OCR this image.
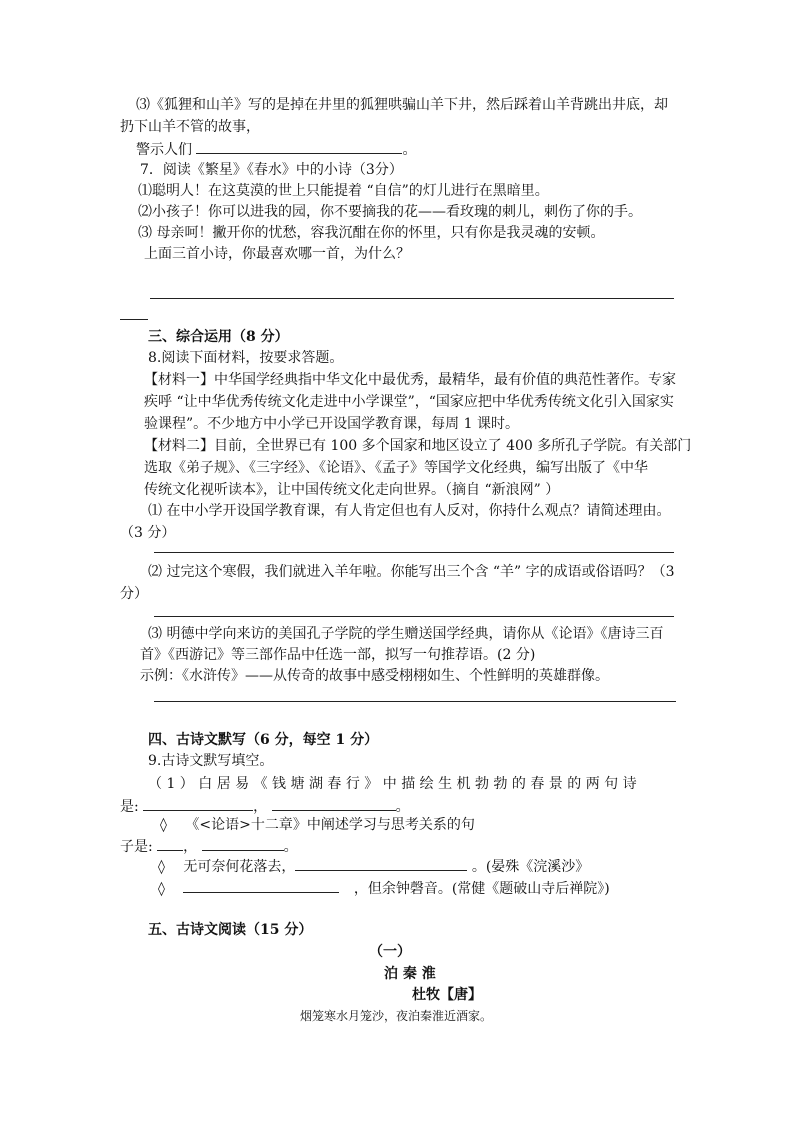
⑶《狐狸和山羊》写的是掉在井里的狐狸哄骗山羊下井，然后踩着山羊背跳出井底，却
扔下山羊不管的故事，
警示人们	。
7．阅读《繁星》《春水》中的小诗（3分）
⑴聪明人！在这莫漠的世上只能提着 “自信”的灯儿进行在黑暗里。
⑵小孩子！你可以进我的园，你不要摘我的花——看玫瑰的刺儿，刺伤了你的手。
⑶ 母亲呵！撇开你的忧愁，容我沉酣在你的怀里，只有你是我灵魂的安顿。
上面三首小诗，你最喜欢哪一首，为什么？
三、综合运用（8 分）
8.阅读下面材料，按要求答题。
【材料一】中华国学经典指中华文化中最优秀，最精华，最有价值的典范性著作。专家
疾呼 “让中华优秀传统文化走进中小学课堂”，“国家应把中华优秀传统文化引入国家实
验课程”。不少地方中小学已开设国学教育课，每周 1 课时。
【材料二】目前，全世界已有 100 多个国家和地区设立了 400 多所孔子学院。有关部门
选取《弟子规》、《三字经》、《论语》、《孟子》等国学文化经典，编写出版了《中华
传统文化视听读本》，让中国传统文化走向世界。（摘自 “新浪网” ）
⑴ 在中小学开设国学教育课，有人肯定但也有人反对，你持什么观点？请简述理由。
（3 分）
⑵ 过完这个寒假，我们就进入羊年啦。你能写出三个含 “羊” 字的成语或俗语吗？（3
分）
⑶ 明德中学向来访的美国孔子学院的学生赠送国学经典，请你从《论语》《唐诗三百
首》《西游记》等三部作品中任选一部，拟写一句推荐语。(2 分)
示例：《水浒传》——从传奇的故事中感受栩栩如生、个性鲜明的英雄群像。
四、古诗文默写（6 分，每空 1 分）
9.古诗文默写填空。
（ 1 ） 白 居 易 《 钱 塘 湖 春 行 》 中 描 绘 生 机 勃 勃 的 春 景 的 两 句 诗
是:	，	。
◊ 《<论语>十二章》中阐述学习与思考关系的句
子是: ，	。
◊ 无可奈何花落去，	。(晏殊《浣溪沙》
◊	，但余钟磬音。(常健《题破山寺后禅院》)
五、古诗文阅读（15 分）
（一）
泊 秦 淮
杜牧【唐】
烟笼寒水月笼沙，夜泊秦淮近酒家。
